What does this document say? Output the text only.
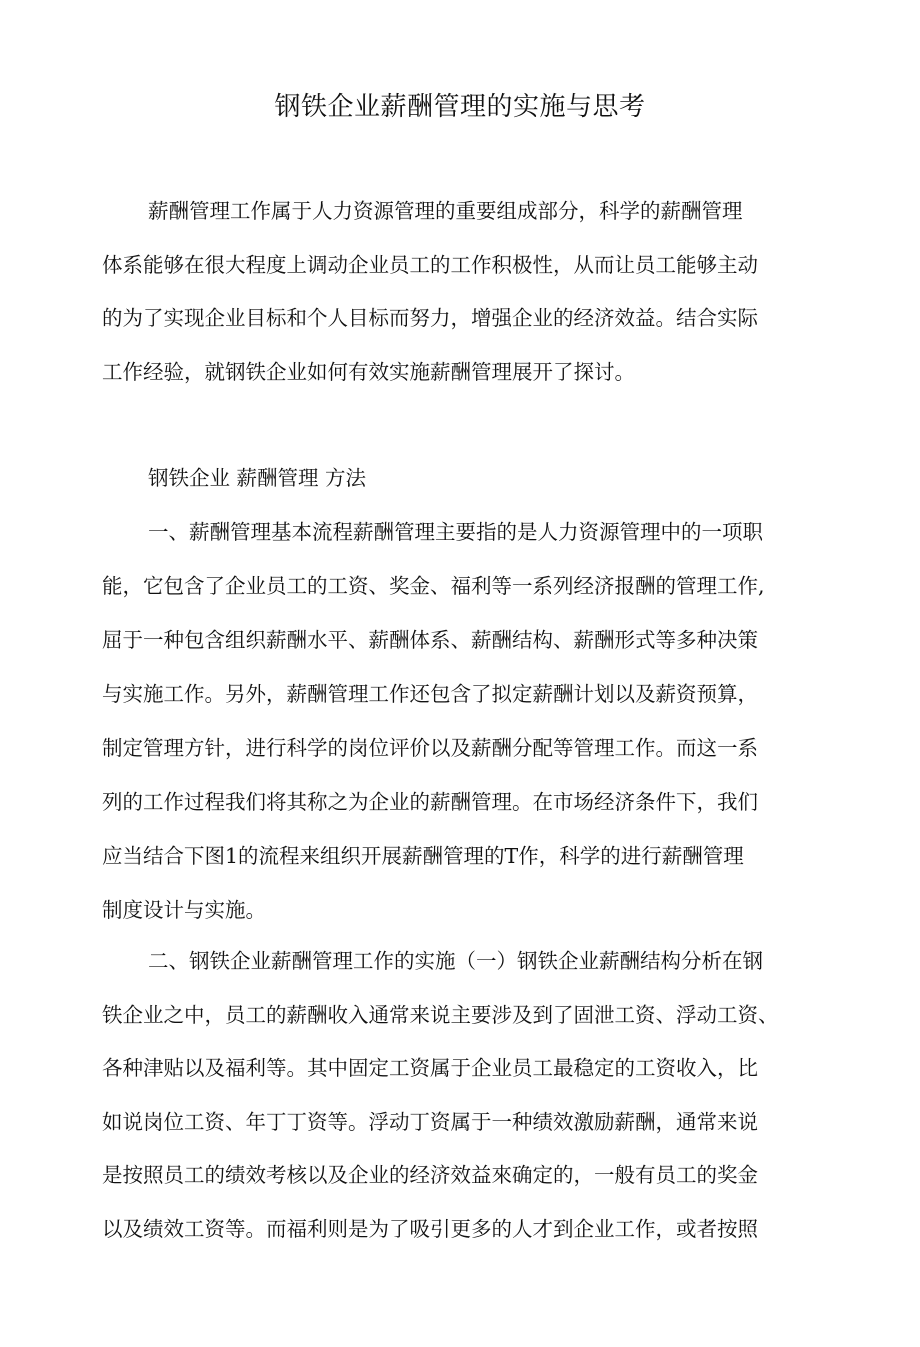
钢铁企业薪酬管理的实施与思考
薪酬管理工作属于人力资源管理的重要组成部分，科学的薪酬管理
体系能够在很大程度上调动企业员工的工作积极性，从而让员工能够主动
的为了实现企业目标和个人目标而努力，增强企业的经济效益。结合实际
工作经验，就钢铁企业如何有效实施薪酬管理展开了探讨。
钢铁企业 薪酬管理 方法
一、薪酬管理基本流程薪酬管理主要指的是人力资源管理中的一项职
能，它包含了企业员工的工资、奖金、福利等一系列经济报酬的管理工作,
屈于一种包含组织薪酬水平、薪酬体系、薪酬结构、薪酬形式等多种决策
与实施工作。另外，薪酬管理工作还包含了拟定薪酬计划以及薪资预算，
制定管理方针，进行科学的岗位评价以及薪酬分配等管理工作。而这一系
列的工作过程我们将其称之为企业的薪酬管理。在市场经济条件下，我们
应当结合下图1的流程来组织开展薪酬管理的T作，科学的进行薪酬管理
制度设计与实施。
二、钢铁企业薪酬管理工作的实施（一）钢铁企业薪酬结构分析在钢
铁企业之中，员工的薪酬收入通常来说主要涉及到了固泄工资、浮动工资、
各种津贴以及福利等。其中固定工资属于企业员工最稳定的工资收入，比
如说岗位工资、年丁丁资等。浮动丁资属于一种绩效激励薪酬，通常来说
是按照员工的绩效考核以及企业的经济效益來确定的，一般有员工的奖金
以及绩效工资等。而福利则是为了吸引更多的人才到企业工作，或者按照
